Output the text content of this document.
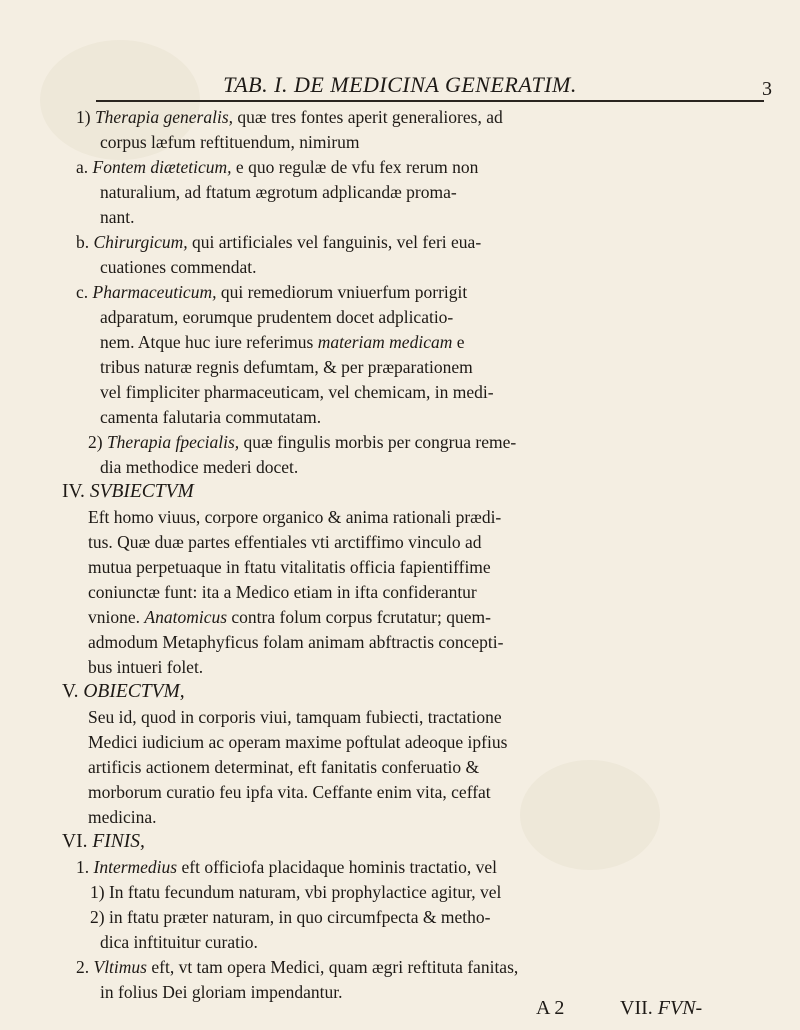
TAB. I. DE MEDICINA GENERATIM.	3
1) Therapia generalis, quæ tres fontes aperit generaliores, ad
corpus læfum reftituendum, nimirum
a. Fontem diæteticum, e quo regulæ de vfu fex rerum non
naturalium, ad ftatum ægrotum adplicandæ proma-
nant.
b. Chirurgicum, qui artificiales vel fanguinis, vel feri eua-
cuationes commendat.
c. Pharmaceuticum, qui remediorum vniuerfum porrigit
adparatum, eorumque prudentem docet adplicatio-
nem. Atque huc iure referimus materiam medicam e
tribus naturæ regnis defumtam, & per præparationem
vel fimpliciter pharmaceuticam, vel chemicam, in medi-
camenta falutaria commutatam.
2) Therapia fpecialis, quæ fingulis morbis per congrua reme-
dia methodice mederi docet.
IV. SVBIECTVM
Eft homo viuus, corpore organico & anima rationali prædi-
tus. Quæ duæ partes effentiales vti arctiffimo vinculo ad
mutua perpetuaque in ftatu vitalitatis officia fapientiffime
coniunctæ funt: ita a Medico etiam in ifta confiderantur
vnione. Anatomicus contra folum corpus fcrutatur; quem-
admodum Metaphyficus folam animam abftractis concepti-
bus intueri folet.
V. OBIECTVM,
Seu id, quod in corporis viui, tamquam fubiecti, tractatione
Medici iudicium ac operam maxime poftulat adeoque ipfius
artificis actionem determinat, eft fanitatis conferuatio &
morborum curatio feu ipfa vita. Ceffante enim vita, ceffat
medicina.
VI. FINIS,
1. Intermedius eft officiofa placidaque hominis tractatio, vel
1) In ftatu fecundum naturam, vbi prophylactice agitur, vel
2) in ftatu præter naturam, in quo circumfpecta & metho-
dica inftituitur curatio.
2. Vltimus eft, vt tam opera Medici, quam ægri reftituta fanitas,
in folius Dei gloriam impendantur.
A 2	VII. FVN-
